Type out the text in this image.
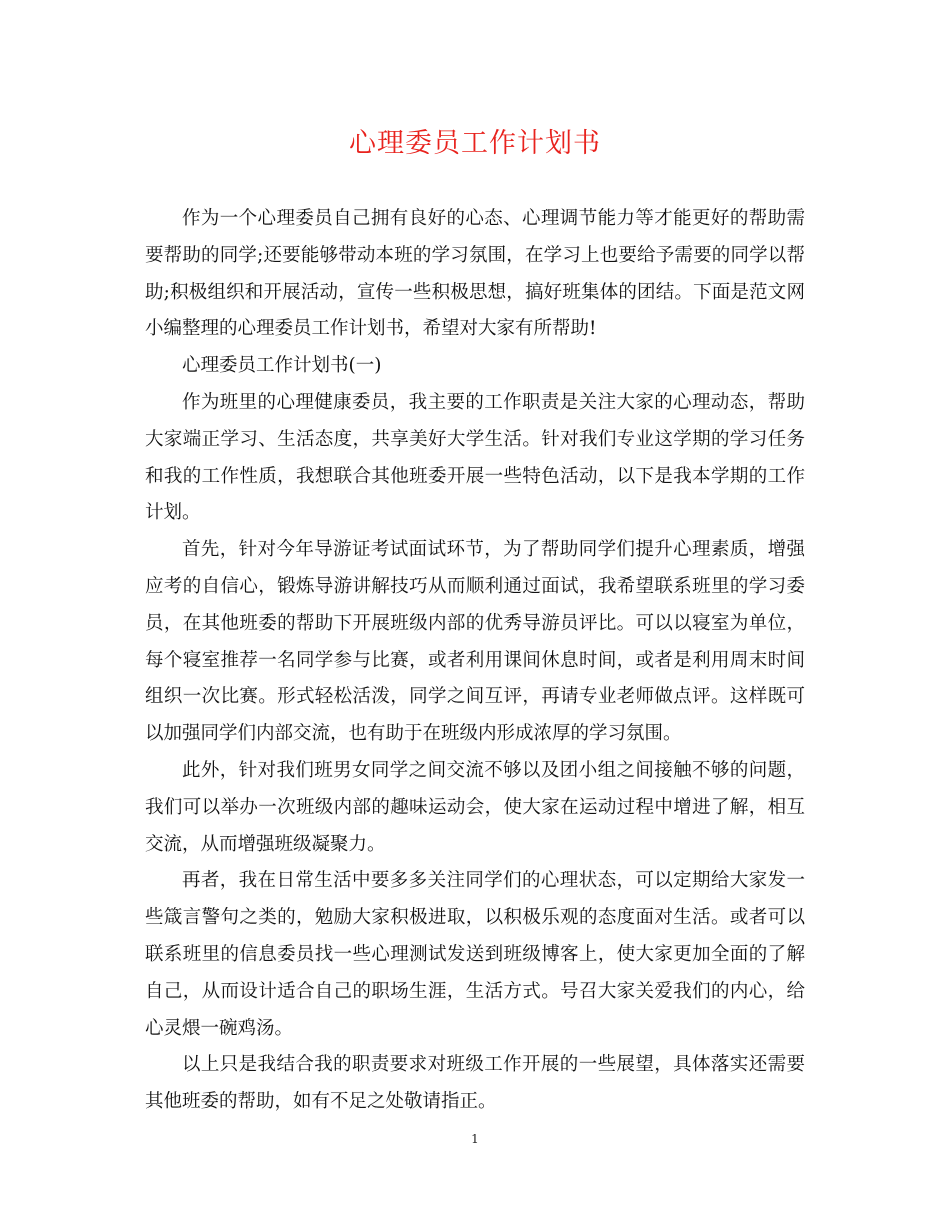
心理委员工作计划书

作为一个心理委员自己拥有良好的心态、心理调节能力等才能更好的帮助需要帮助的同学;还要能够带动本班的学习氛围，在学习上也要给予需要的同学以帮助;积极组织和开展活动，宣传一些积极思想，搞好班集体的团结。下面是范文网小编整理的心理委员工作计划书，希望对大家有所帮助!

心理委员工作计划书(一)

作为班里的心理健康委员，我主要的工作职责是关注大家的心理动态，帮助大家端正学习、生活态度，共享美好大学生活。针对我们专业这学期的学习任务和我的工作性质，我想联合其他班委开展一些特色活动，以下是我本学期的工作计划。

首先，针对今年导游证考试面试环节，为了帮助同学们提升心理素质，增强应考的自信心，锻炼导游讲解技巧从而顺利通过面试，我希望联系班里的学习委员，在其他班委的帮助下开展班级内部的优秀导游员评比。可以以寝室为单位，每个寝室推荐一名同学参与比赛，或者利用课间休息时间，或者是利用周末时间组织一次比赛。形式轻松活泼，同学之间互评，再请专业老师做点评。这样既可以加强同学们内部交流，也有助于在班级内形成浓厚的学习氛围。

此外，针对我们班男女同学之间交流不够以及团小组之间接触不够的问题，我们可以举办一次班级内部的趣味运动会，使大家在运动过程中增进了解，相互交流，从而增强班级凝聚力。

再者，我在日常生活中要多多关注同学们的心理状态，可以定期给大家发一些箴言警句之类的，勉励大家积极进取，以积极乐观的态度面对生活。或者可以联系班里的信息委员找一些心理测试发送到班级博客上，使大家更加全面的了解自己，从而设计适合自己的职场生涯，生活方式。号召大家关爱我们的内心，给心灵煨一碗鸡汤。

以上只是我结合我的职责要求对班级工作开展的一些展望，具体落实还需要其他班委的帮助，如有不足之处敬请指正。

1
